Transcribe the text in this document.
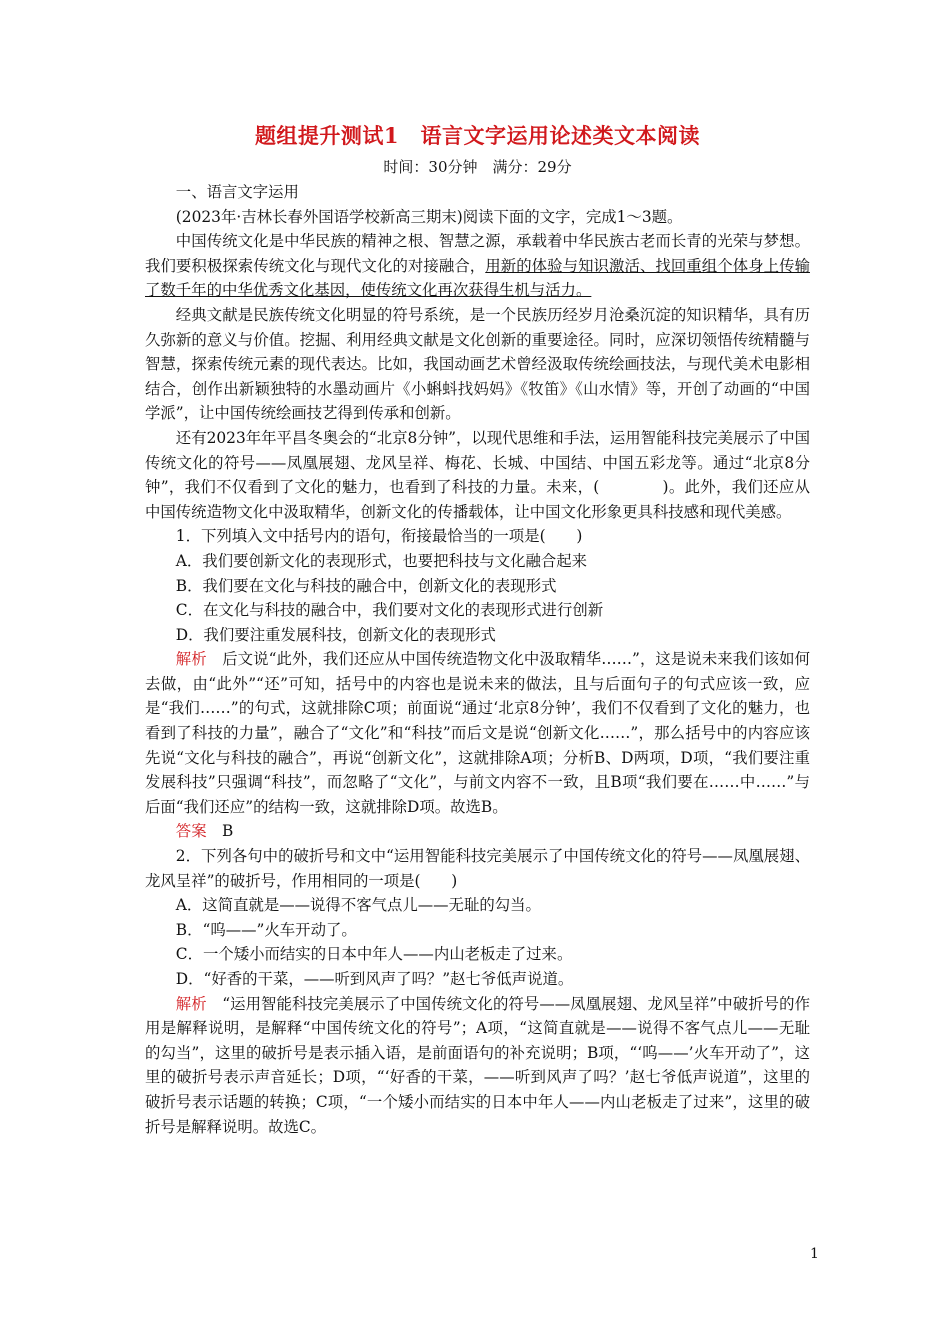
题组提升测试1　语言文字运用论述类文本阅读
时间：30分钟　满分：29分

一、语言文字运用

(2023年·吉林长春外国语学校新高三期末)阅读下面的文字，完成1～3题。

中国传统文化是中华民族的精神之根、智慧之源，承载着中华民族古老而长青的光荣与梦想。我们要积极探索传统文化与现代文化的对接融合，用新的体验与知识激活、找回重组个体身上传输了数千年的中华优秀文化基因，使传统文化再次获得生机与活力。

经典文献是民族传统文化明显的符号系统，是一个民族历经岁月沧桑沉淀的知识精华，具有历久弥新的意义与价值。挖掘、利用经典文献是文化创新的重要途径。同时，应深切领悟传统精髓与智慧，探索传统元素的现代表达。比如，我国动画艺术曾经汲取传统绘画技法，与现代美术电影相结合，创作出新颖独特的水墨动画片《小蝌蚪找妈妈》《牧笛》《山水情》等，开创了动画的“中国学派”，让中国传统绘画技艺得到传承和创新。

还有2023年年平昌冬奥会的“北京8分钟”，以现代思维和手法，运用智能科技完美展示了中国传统文化的符号——凤凰展翅、龙风呈祥、梅花、长城、中国结、中国五彩龙等。通过“北京8分钟”，我们不仅看到了文化的魅力，也看到了科技的力量。未来，(　　　　)。此外，我们还应从中国传统造物文化中汲取精华，创新文化的传播载体，让中国文化形象更具科技感和现代美感。

1．下列填入文中括号内的语句，衔接最恰当的一项是(　　)

A．我们要创新文化的表现形式，也要把科技与文化融合起来

B．我们要在文化与科技的融合中，创新文化的表现形式

C．在文化与科技的融合中，我们要对文化的表现形式进行创新

D．我们要注重发展科技，创新文化的表现形式

解析　后文说“此外，我们还应从中国传统造物文化中汲取精华……”，这是说未来我们该如何去做，由“此外”“还”可知，括号中的内容也是说未来的做法，且与后面句子的句式应该一致，应是“我们……”的句式，这就排除C项；前面说“通过‘北京8分钟’，我们不仅看到了文化的魅力，也看到了科技的力量”，融合了“文化”和“科技”而后文是说“创新文化……”，那么括号中的内容应该先说“文化与科技的融合”，再说“创新文化”，这就排除A项；分析B、D两项，D项，“我们要注重发展科技”只强调“科技”，而忽略了“文化”，与前文内容不一致，且B项“我们要在……中……”与后面“我们还应”的结构一致，这就排除D项。故选B。

答案　B

2．下列各句中的破折号和文中“运用智能科技完美展示了中国传统文化的符号——凤凰展翅、龙风呈祥”的破折号，作用相同的一项是(　　)

A．这简直就是——说得不客气点儿——无耻的勾当。

B．“呜——”火车开动了。

C．一个矮小而结实的日本中年人——内山老板走了过来。

D．“好香的干菜，——听到风声了吗？”赵七爷低声说道。

解析　“运用智能科技完美展示了中国传统文化的符号——凤凰展翅、龙风呈祥”中破折号的作用是解释说明，是解释“中国传统文化的符号”；A项，“这简直就是——说得不客气点儿——无耻的勾当”，这里的破折号是表示插入语，是前面语句的补充说明；B项，“‘呜——’火车开动了”，这里的破折号表示声音延长；D项，“‘好香的干菜，——听到风声了吗？’赵七爷低声说道”，这里的破折号表示话题的转换；C项，“一个矮小而结实的日本中年人——内山老板走了过来”，这里的破折号是解释说明。故选C。

1
